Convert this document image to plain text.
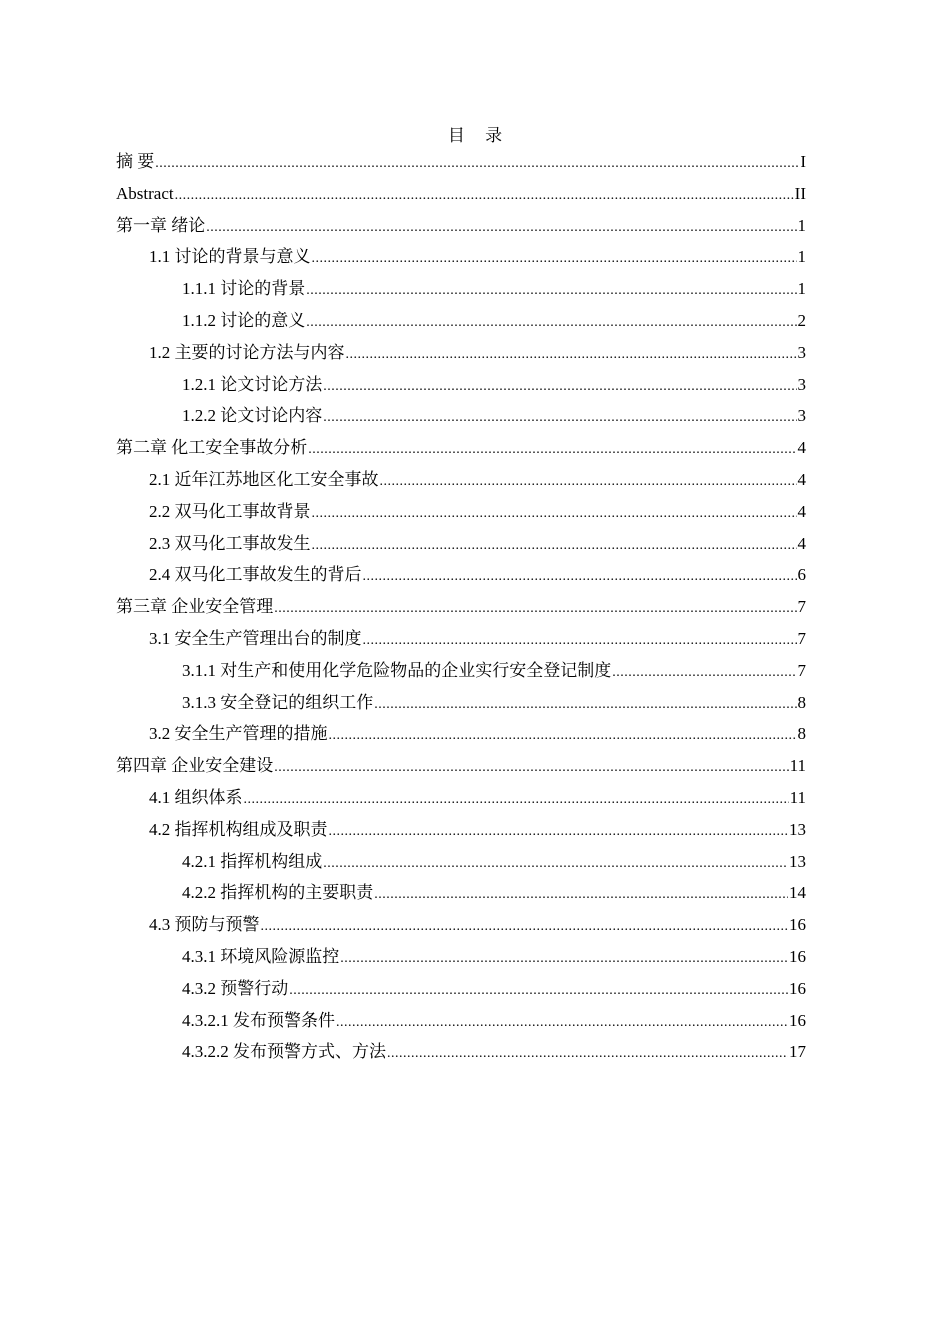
目 录
摘 要 .....	I
Abstract .....	II
第一章 绪论 .....	1
1.1 讨论的背景与意义 .....	1
1.1.1 讨论的背景 .....	1
1.1.2 讨论的意义 .....	2
1.2 主要的讨论方法与内容 .....	3
1.2.1 论文讨论方法 .....	3
1.2.2 论文讨论内容 .....	3
第二章 化工安全事故分析 .....	4
2.1 近年江苏地区化工安全事故 .....	4
2.2 双马化工事故背景 .....	4
2.3 双马化工事故发生 .....	4
2.4 双马化工事故发生的背后 .....	6
第三章 企业安全管理 .....	7
3.1 安全生产管理出台的制度 .....	7
3.1.1 对生产和使用化学危险物品的企业实行安全登记制度 .....	7
3.1.3 安全登记的组织工作 .....	8
3.2 安全生产管理的措施 .....	8
第四章 企业安全建设 .....	11
4.1 组织体系 .....	11
4.2 指挥机构组成及职责 .....	13
4.2.1 指挥机构组成 .....	13
4.2.2 指挥机构的主要职责 .....	14
4.3 预防与预警 .....	16
4.3.1 环境风险源监控 .....	16
4.3.2 预警行动 .....	16
4.3.2.1 发布预警条件 .....	16
4.3.2.2 发布预警方式、方法 .....	17
